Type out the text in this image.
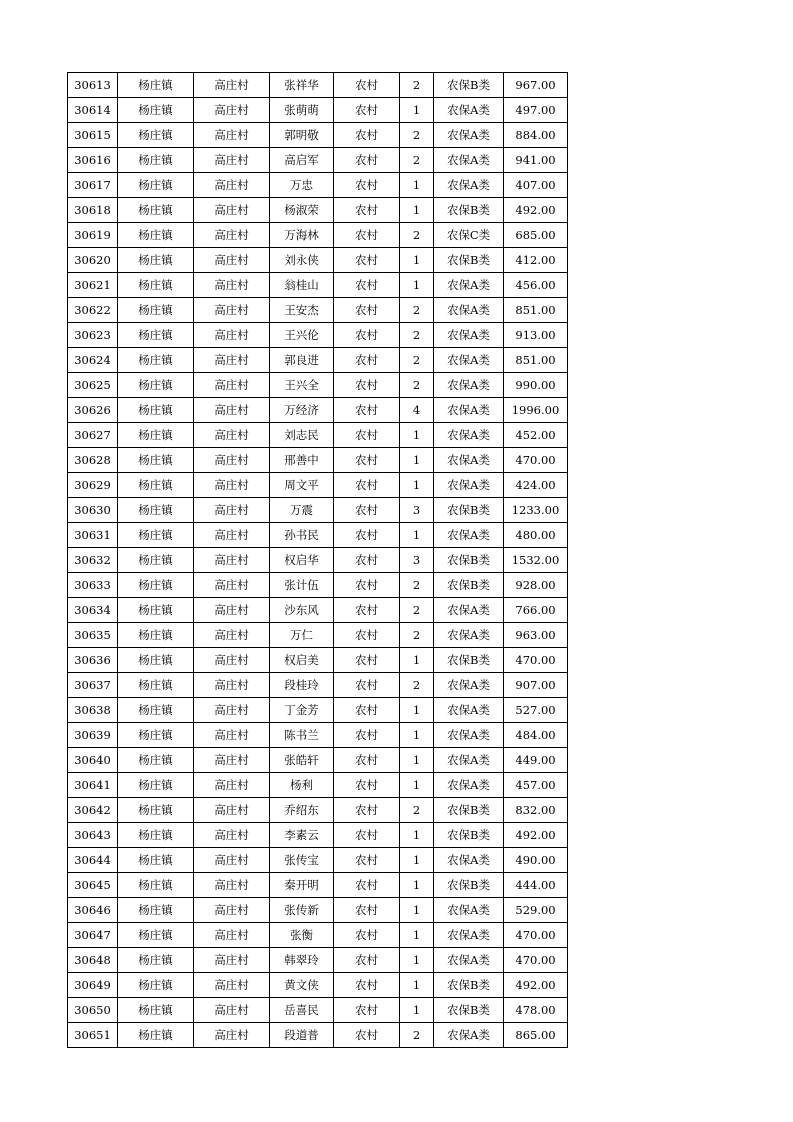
30613	杨庄镇	高庄村	张祥华	农村	2	农保B类	967.00
30614	杨庄镇	高庄村	张萌萌	农村	1	农保A类	497.00
30615	杨庄镇	高庄村	郭明敬	农村	2	农保A类	884.00
30616	杨庄镇	高庄村	高启军	农村	2	农保A类	941.00
30617	杨庄镇	高庄村	万忠	农村	1	农保A类	407.00
30618	杨庄镇	高庄村	杨淑荣	农村	1	农保B类	492.00
30619	杨庄镇	高庄村	万海林	农村	2	农保C类	685.00
30620	杨庄镇	高庄村	刘永侠	农村	1	农保B类	412.00
30621	杨庄镇	高庄村	翁桂山	农村	1	农保A类	456.00
30622	杨庄镇	高庄村	王安杰	农村	2	农保A类	851.00
30623	杨庄镇	高庄村	王兴伦	农村	2	农保A类	913.00
30624	杨庄镇	高庄村	郭良进	农村	2	农保A类	851.00
30625	杨庄镇	高庄村	王兴全	农村	2	农保A类	990.00
30626	杨庄镇	高庄村	万经济	农村	4	农保A类	1996.00
30627	杨庄镇	高庄村	刘志民	农村	1	农保A类	452.00
30628	杨庄镇	高庄村	邢善中	农村	1	农保A类	470.00
30629	杨庄镇	高庄村	周文平	农村	1	农保A类	424.00
30630	杨庄镇	高庄村	万震	农村	3	农保B类	1233.00
30631	杨庄镇	高庄村	孙书民	农村	1	农保A类	480.00
30632	杨庄镇	高庄村	权启华	农村	3	农保B类	1532.00
30633	杨庄镇	高庄村	张计伍	农村	2	农保B类	928.00
30634	杨庄镇	高庄村	沙东风	农村	2	农保A类	766.00
30635	杨庄镇	高庄村	万仁	农村	2	农保A类	963.00
30636	杨庄镇	高庄村	权启美	农村	1	农保B类	470.00
30637	杨庄镇	高庄村	段桂玲	农村	2	农保A类	907.00
30638	杨庄镇	高庄村	丁金芳	农村	1	农保A类	527.00
30639	杨庄镇	高庄村	陈书兰	农村	1	农保A类	484.00
30640	杨庄镇	高庄村	张皓轩	农村	1	农保A类	449.00
30641	杨庄镇	高庄村	杨利	农村	1	农保A类	457.00
30642	杨庄镇	高庄村	乔绍东	农村	2	农保B类	832.00
30643	杨庄镇	高庄村	李素云	农村	1	农保B类	492.00
30644	杨庄镇	高庄村	张传宝	农村	1	农保A类	490.00
30645	杨庄镇	高庄村	秦开明	农村	1	农保B类	444.00
30646	杨庄镇	高庄村	张传新	农村	1	农保A类	529.00
30647	杨庄镇	高庄村	张衡	农村	1	农保A类	470.00
30648	杨庄镇	高庄村	韩翠玲	农村	1	农保A类	470.00
30649	杨庄镇	高庄村	黄文侠	农村	1	农保B类	492.00
30650	杨庄镇	高庄村	岳喜民	农村	1	农保B类	478.00
30651	杨庄镇	高庄村	段道普	农村	2	农保A类	865.00
